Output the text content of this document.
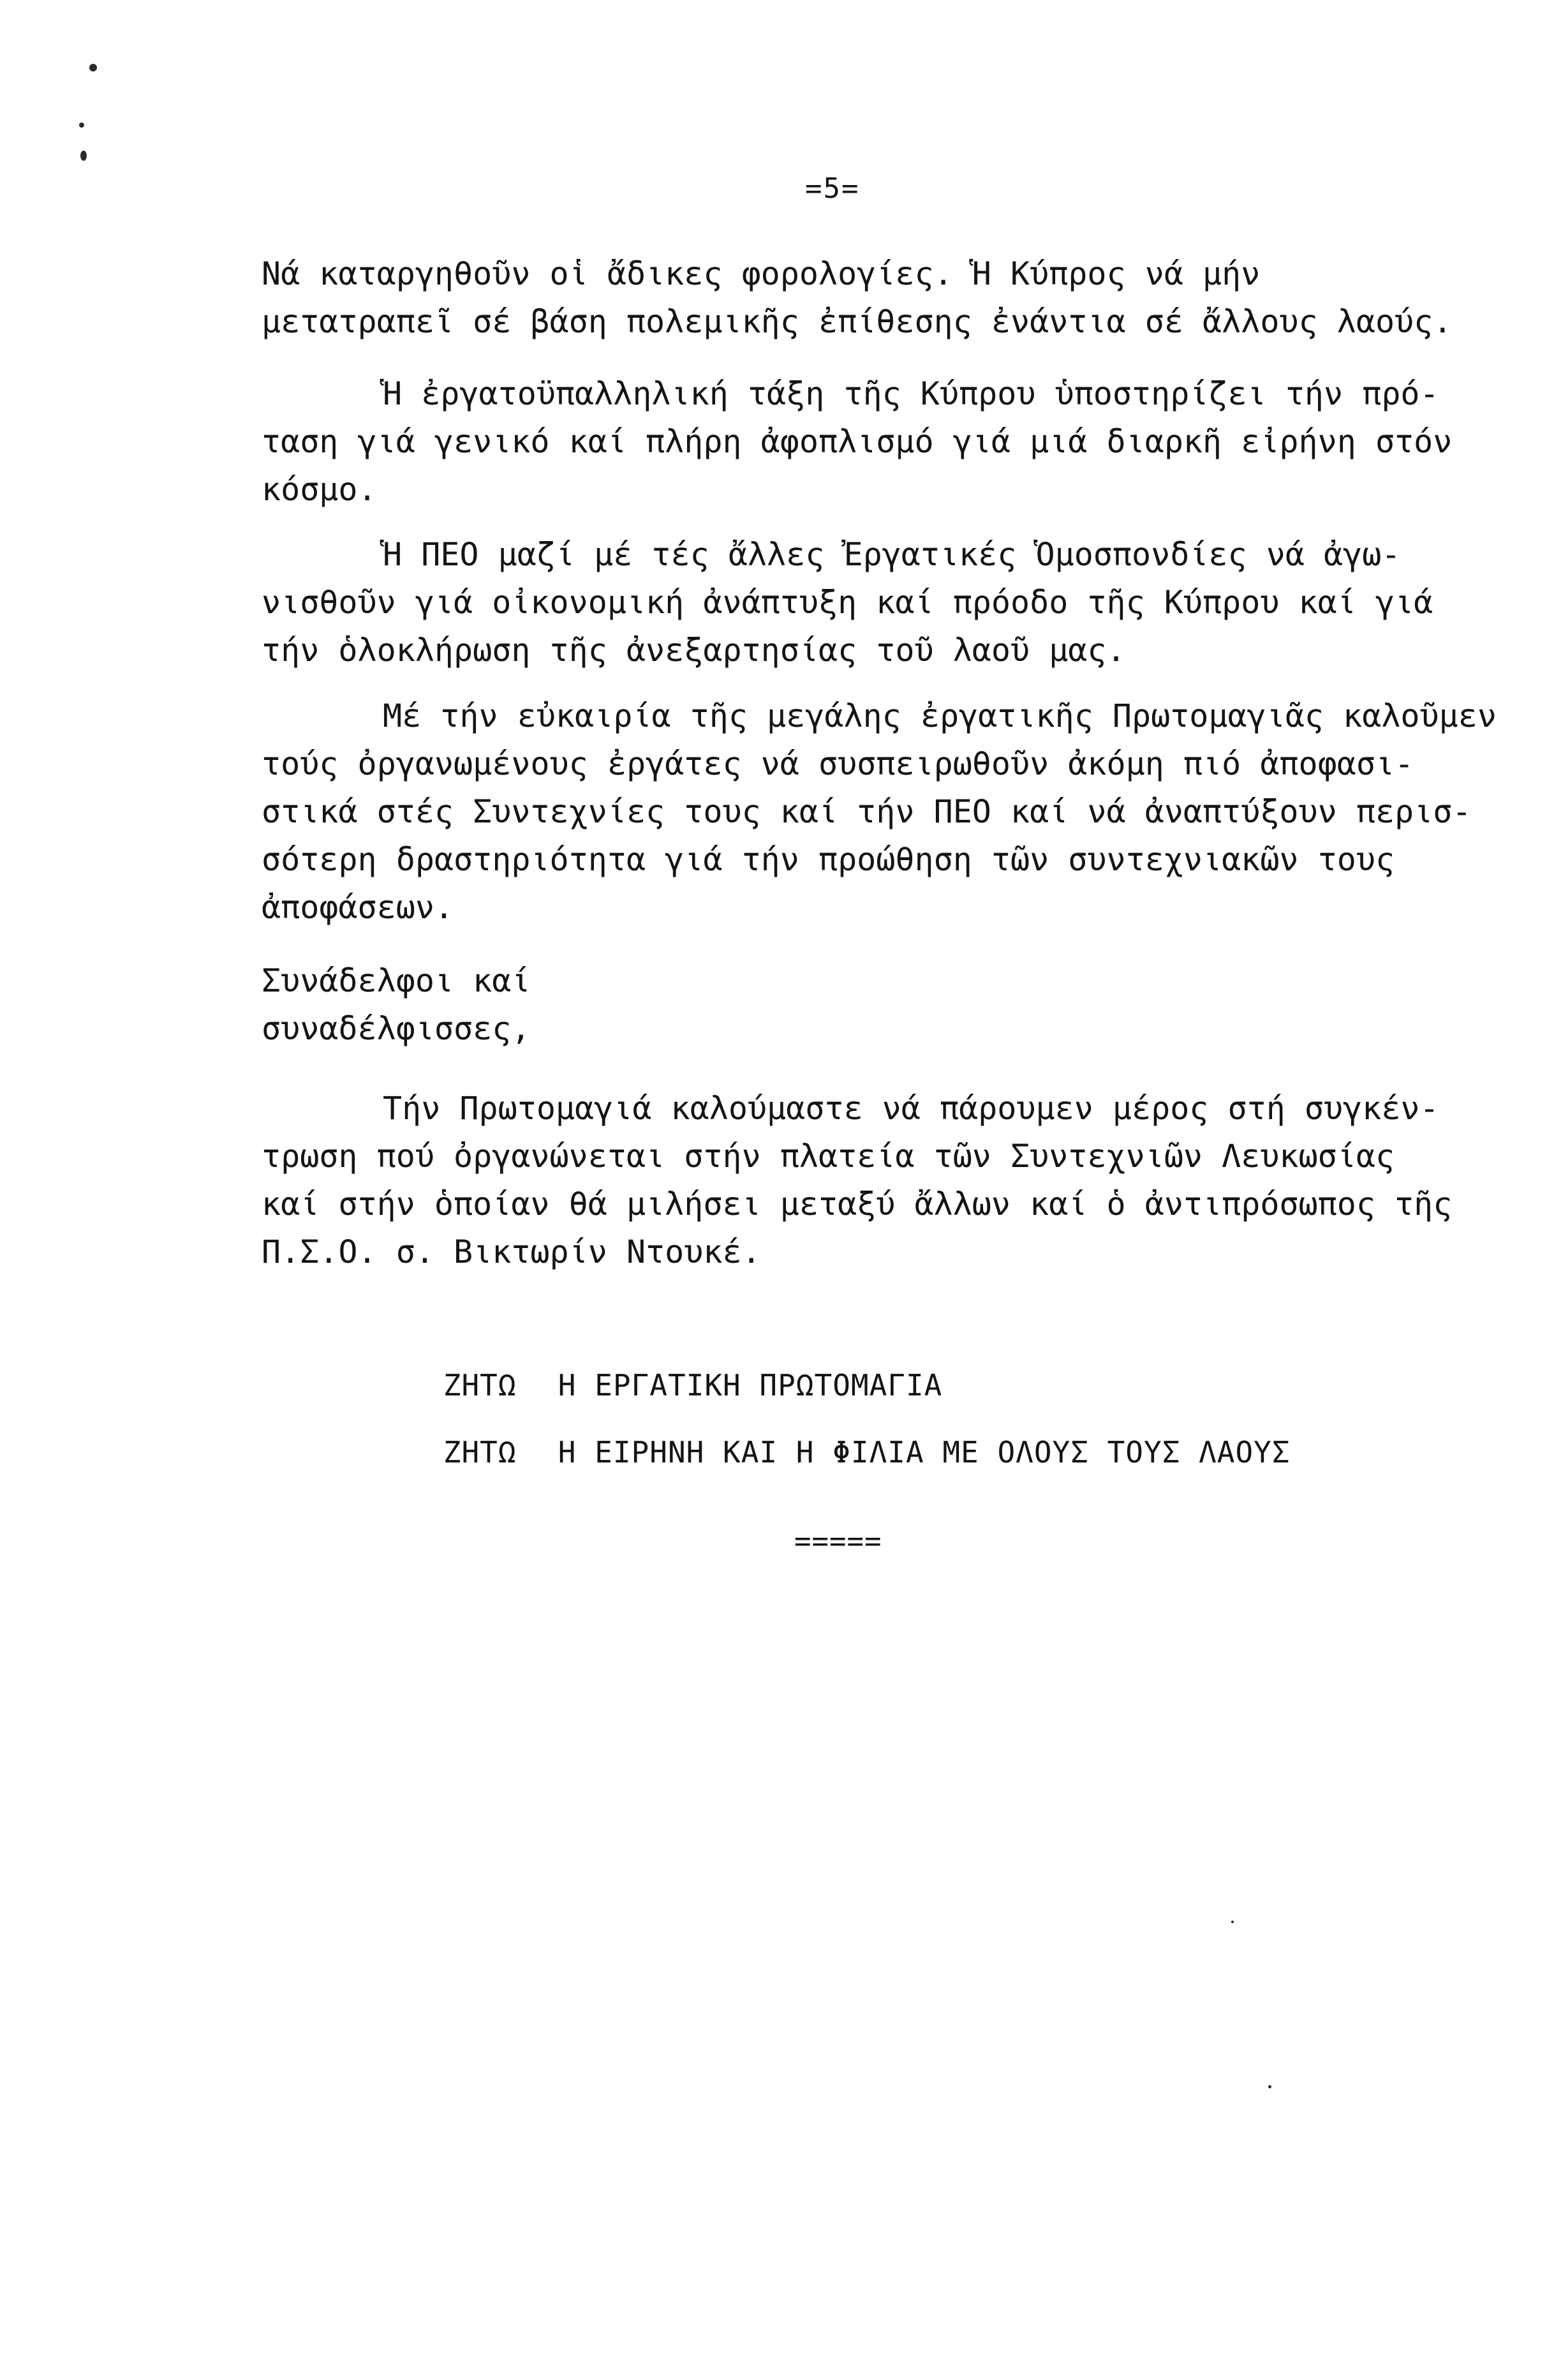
=5=
Νά καταργηθοῦν οἱ ἄδικες φορολογίες. Ἡ Κύπρος νά μήν
μετατραπεῖ σέ βάση πολεμικῆς ἐπίθεσης ἐνάντια σέ ἄλλους λαούς.
Ἡ ἐργατοϋπαλληλική τάξη τῆς Κύπρου ὑποστηρίζει τήν πρό-
ταση γιά γενικό καί πλήρη ἀφοπλισμό γιά μιά διαρκῆ εἰρήνη στόν
κόσμο.
Ἡ ΠΕΟ μαζί μέ τές ἄλλες Ἐργατικές Ὁμοσπονδίες νά ἀγω-
νισθοῦν γιά οἰκονομική ἀνάπτυξη καί πρόοδο τῆς Κύπρου καί γιά
τήν ὁλοκλήρωση τῆς ἀνεξαρτησίας τοῦ λαοῦ μας.
Μέ τήν εὐκαιρία τῆς μεγάλης ἐργατικῆς Πρωτομαγιᾶς καλοῦμεν
τούς ὀργανωμένους ἐργάτες νά συσπειρωθοῦν ἀκόμη πιό ἀποφασι-
στικά στές Συντεχνίες τους καί τήν ΠΕΟ καί νά ἀναπτύξουν περισ-
σότερη δραστηριότητα γιά τήν προώθηση τῶν συντεχνιακῶν τους
ἀποφάσεων.
Συνάδελφοι καί
συναδέλφισσες,
Τήν Πρωτομαγιά καλούμαστε νά πάρουμεν μέρος στή συγκέν-
τρωση πού ὀργανώνεται στήν πλατεία τῶν Συντεχνιῶν Λευκωσίας
καί στήν ὁποίαν θά μιλήσει μεταξύ ἄλλων καί ὁ ἀντιπρόσωπος τῆς
Π.Σ.Ο. σ. Βικτωρίν Ντουκέ.

ΖΗΤΩ Η ΕΡΓΑΤΙΚΗ ΠΡΩΤΟΜΑΓΙΑ

ΖΗΤΩ Η ΕΙΡΗΝΗ ΚΑΙ Η ΦΙΛΙΑ ΜΕ ΟΛΟΥΣ ΤΟΥΣ ΛΑΟΥΣ

=====
